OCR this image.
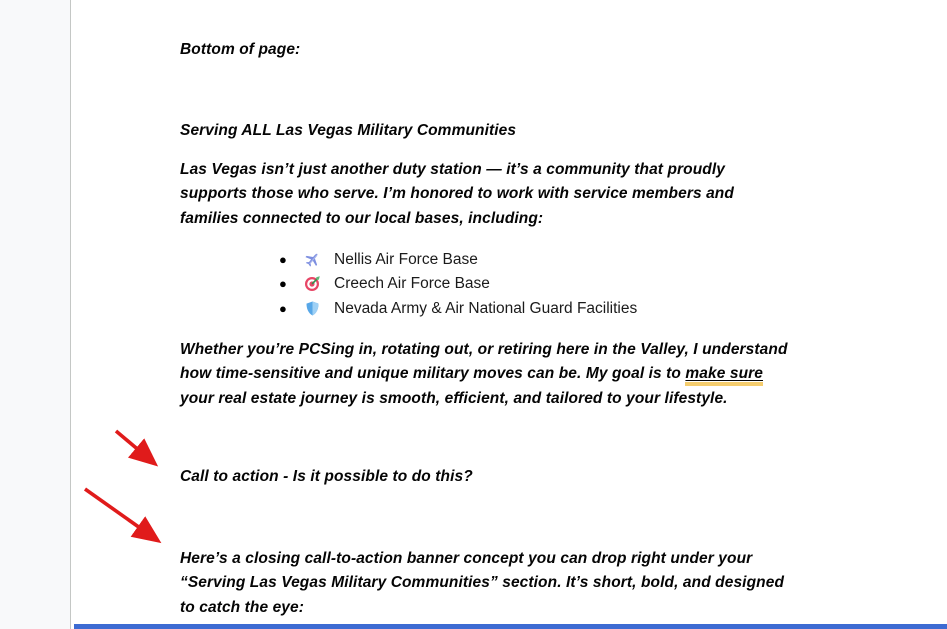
Bottom of page:
Serving ALL Las Vegas Military Communities
Las Vegas isn’t just another duty station — it’s a community that proudly
supports those who serve. I’m honored to work with service members and
families connected to our local bases, including:
●	Nellis Air Force Base
●	Creech Air Force Base
●	Nevada Army & Air National Guard Facilities
Whether you’re PCSing in, rotating out, or retiring here in the Valley, I understand
how time-sensitive and unique military moves can be. My goal is to make sure
your real estate journey is smooth, efficient, and tailored to your lifestyle.
Call to action - Is it possible to do this?
Here’s a closing call-to-action banner concept you can drop right under your
“Serving Las Vegas Military Communities” section. It’s short, bold, and designed
to catch the eye:
